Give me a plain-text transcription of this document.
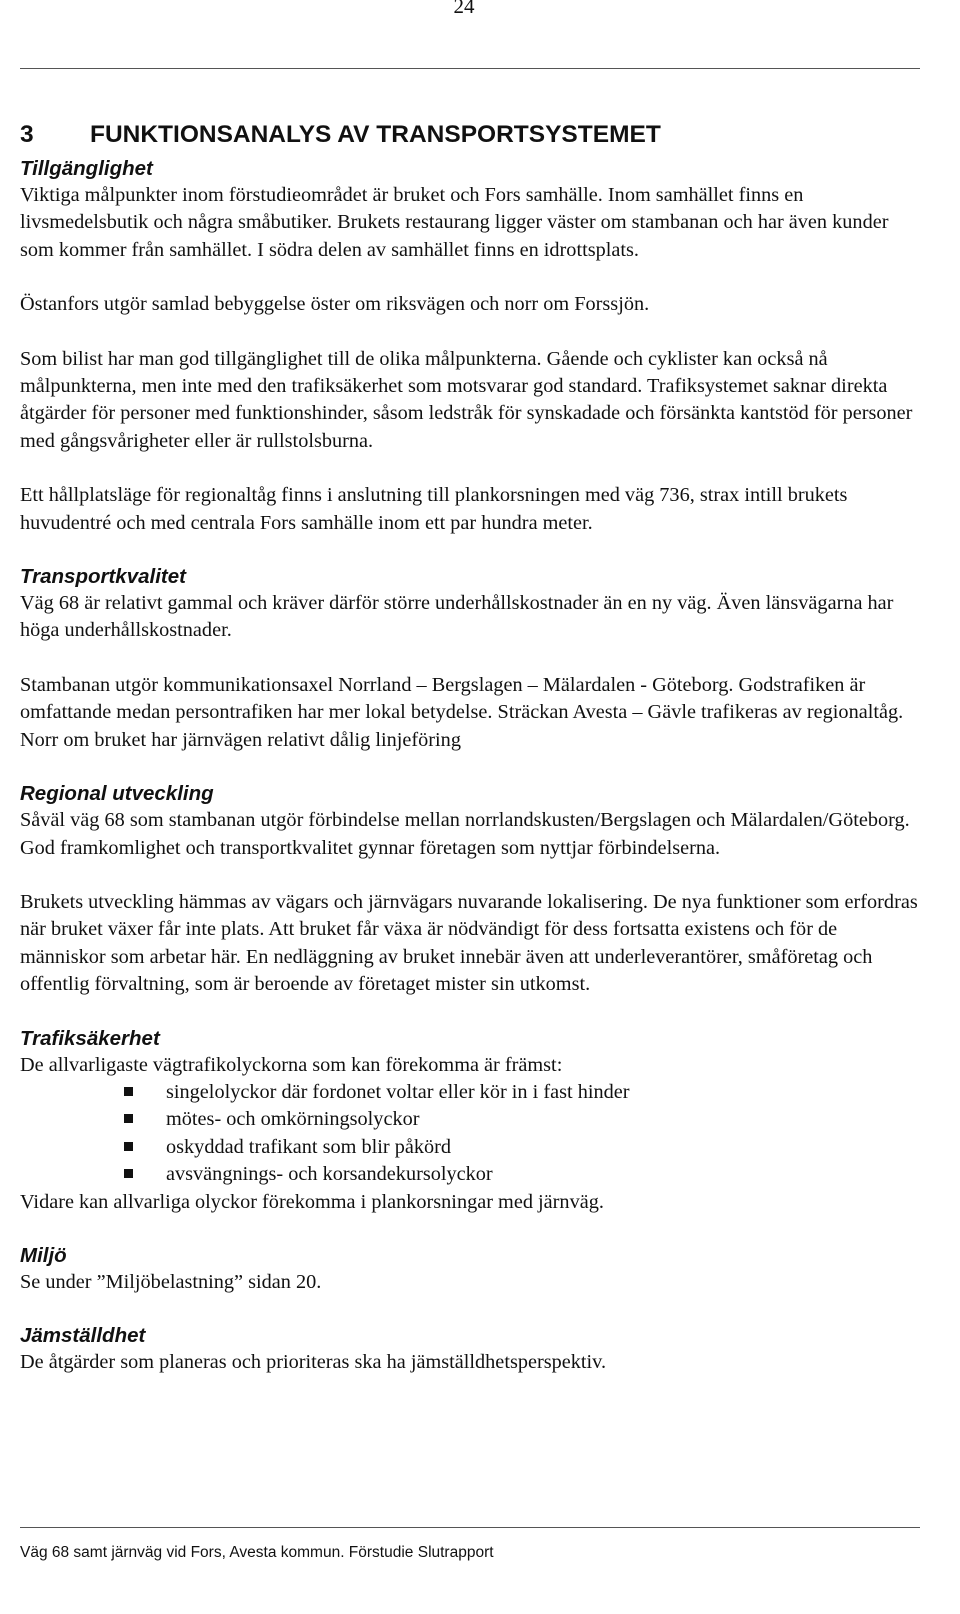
24
3 FUNKTIONSANALYS AV TRANSPORTSYSTEMET
Tillgänglighet

Viktiga målpunkter inom förstudieområdet är bruket och Fors samhälle. Inom samhället finns en livsmedelsbutik och några småbutiker. Brukets restaurang ligger väster om stambanan och har även kunder som kommer från samhället. I södra delen av samhället finns en idrottsplats.

Östanfors utgör samlad bebyggelse öster om riksvägen och norr om Forssjön.

Som bilist har man god tillgänglighet till de olika målpunkterna. Gående och cyklister kan också nå målpunkterna, men inte med den trafiksäkerhet som motsvarar god standard. Trafiksystemet saknar direkta åtgärder för personer med funktionshinder, såsom ledstråk för synskadade och försänkta kantstöd för personer med gångsvårigheter eller är rullstolsburna.

Ett hållplatsläge för regionaltåg finns i anslutning till plankorsningen med väg 736, strax intill brukets huvudentré och med centrala Fors samhälle inom ett par hundra meter.

Transportkvalitet

Väg 68 är relativt gammal och kräver därför större underhållskostnader än en ny väg. Även länsvägarna har höga underhållskostnader.

Stambanan utgör kommunikationsaxel Norrland – Bergslagen – Mälardalen - Göteborg. Godstrafiken är omfattande medan persontrafiken har mer lokal betydelse. Sträckan Avesta – Gävle trafikeras av regionaltåg. Norr om bruket har järnvägen relativt dålig linjeföring

Regional utveckling

Såväl väg 68 som stambanan utgör förbindelse mellan norrlandskusten/Bergslagen och Mälardalen/Göteborg. God framkomlighet och transportkvalitet gynnar företagen som nyttjar förbindelserna.

Brukets utveckling hämmas av vägars och järnvägars nuvarande lokalisering. De nya funktioner som erfordras när bruket växer får inte plats. Att bruket får växa är nödvändigt för dess fortsatta existens och för de människor som arbetar här. En nedläggning av bruket innebär även att underleverantörer, småföretag och offentlig förvaltning, som är beroende av företaget mister sin utkomst.

Trafiksäkerhet

De allvarligaste vägtrafikolyckorna som kan förekomma är främst:

singelolyckor där fordonet voltar eller kör in i fast hinder
mötes- och omkörningsolyckor
oskyddad trafikant som blir påkörd
avsvängnings- och korsandekursolyckor

Vidare kan allvarliga olyckor förekomma i plankorsningar med järnväg.

Miljö

Se under ”Miljöbelastning” sidan 20.

Jämställdhet

De åtgärder som planeras och prioriteras ska ha jämställdhetsperspektiv.

Väg 68 samt järnväg vid Fors, Avesta kommun. Förstudie Slutrapport
